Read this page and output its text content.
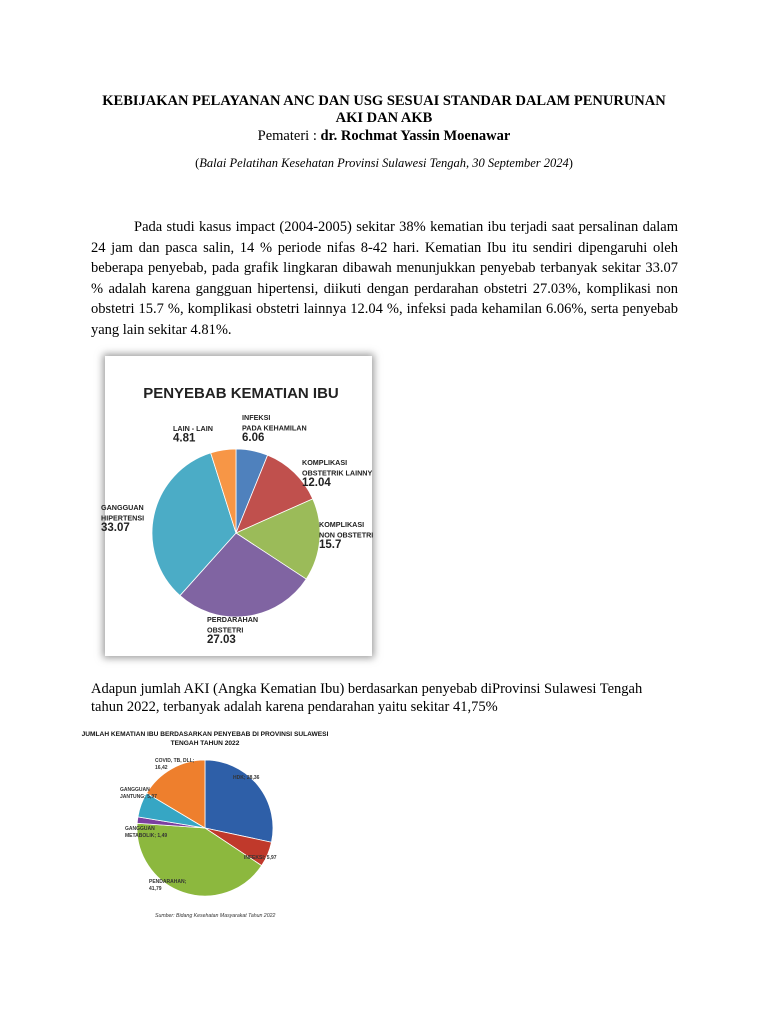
KEBIJAKAN PELAYANAN ANC DAN USG SESUAI STANDAR DALAM PENURUNAN
AKI DAN AKB
Pemateri : dr. Rochmat Yassin Moenawar
(Balai Pelatihan Kesehatan Provinsi Sulawesi Tengah, 30 September 2024)

Pada studi kasus impact (2004-2005) sekitar 38% kematian ibu terjadi saat persalinan dalam 24 jam dan pasca salin, 14 % periode nifas 8-42 hari. Kematian Ibu itu sendiri dipengaruhi oleh beberapa penyebab, pada grafik lingkaran dibawah menunjukkan penyebab terbanyak sekitar 33.07 % adalah karena gangguan hipertensi, diikuti dengan perdarahan obstetri 27.03%, komplikasi non obstetri 15.7 %, komplikasi obstetri lainnya 12.04 %, infeksi pada kehamilan 6.06%, serta penyebab yang lain sekitar 4.81%.

PENYEBAB KEMATIAN IBU
INFEKSI
PADA KEHAMILAN
6.06
KOMPLIKASI
OBSTETRIK LAINNY
12.04
KOMPLIKASI
NON OBSTETRI
15.7
PERDARAHAN
OBSTETRI
27.03
GANGGUAN
HIPERTENSI
33.07
LAIN - LAIN
4.81

Adapun jumlah AKI (Angka Kematian Ibu) berdasarkan penyebab diProvinsi Sulawesi Tengah tahun 2022, terbanyak adalah karena pendarahan yaitu sekitar 41,75%

JUMLAH KEMATIAN IBU BERDASARKAN PENYEBAB DI PROVINSI SULAWESI
TENGAH TAHUN 2022
HDK; 28,36
INFEKSI; 5,97
PENDARAHAN;
41,79
GANGGUAN
METABOLIK; 1,49
GANGGUAN
JANTUNG; 5,97
COVID, TB, DLL;
16,42
Sumber: Bidang Kesehatan Masyarakat Tahun 2022
